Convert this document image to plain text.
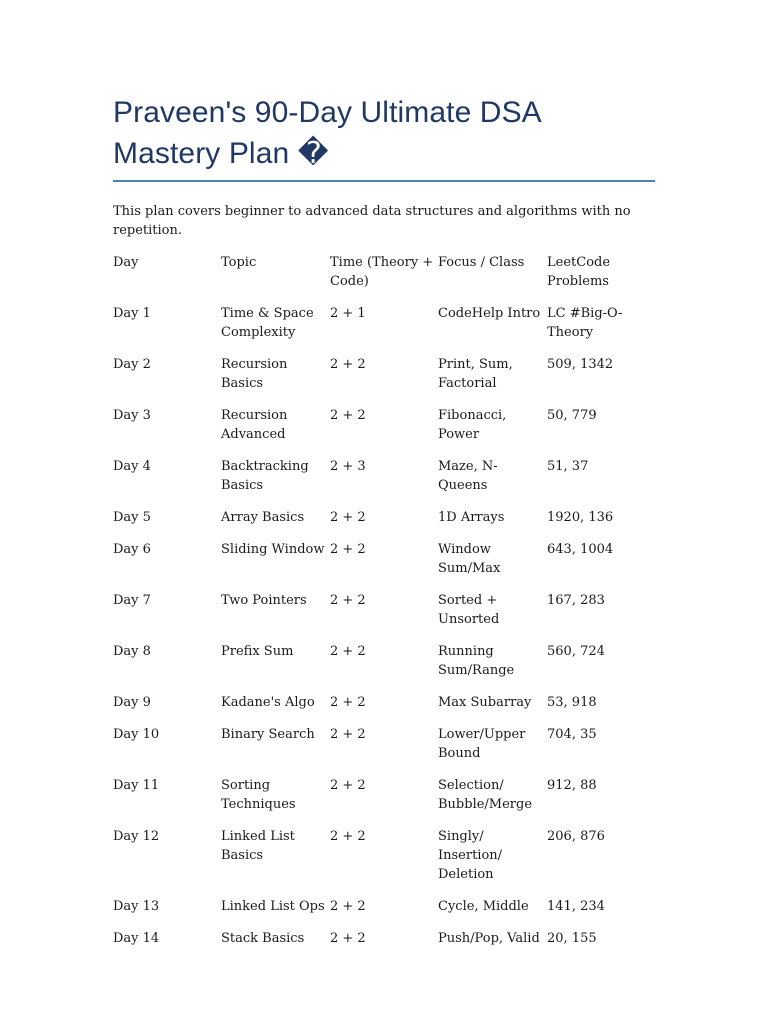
Praveen's 90-Day Ultimate DSA Mastery Plan �

This plan covers beginner to advanced data structures and algorithms with no repetition.

Day	Topic	Time (Theory + Code)	Focus / Class	LeetCode Problems
Day 1	Time & Space Complexity	2 + 1	CodeHelp Intro	LC #Big-O-Theory
Day 2	Recursion Basics	2 + 2	Print, Sum, Factorial	509, 1342
Day 3	Recursion Advanced	2 + 2	Fibonacci, Power	50, 779
Day 4	Backtracking Basics	2 + 3	Maze, N-Queens	51, 37
Day 5	Array Basics	2 + 2	1D Arrays	1920, 136
Day 6	Sliding Window	2 + 2	Window Sum/Max	643, 1004
Day 7	Two Pointers	2 + 2	Sorted + Unsorted	167, 283
Day 8	Prefix Sum	2 + 2	Running Sum/Range	560, 724
Day 9	Kadane's Algo	2 + 2	Max Subarray	53, 918
Day 10	Binary Search	2 + 2	Lower/Upper Bound	704, 35
Day 11	Sorting Techniques	2 + 2	Selection/ Bubble/Merge	912, 88
Day 12	Linked List Basics	2 + 2	Singly/ Insertion/ Deletion	206, 876
Day 13	Linked List Ops	2 + 2	Cycle, Middle	141, 234
Day 14	Stack Basics	2 + 2	Push/Pop, Valid	20, 155
